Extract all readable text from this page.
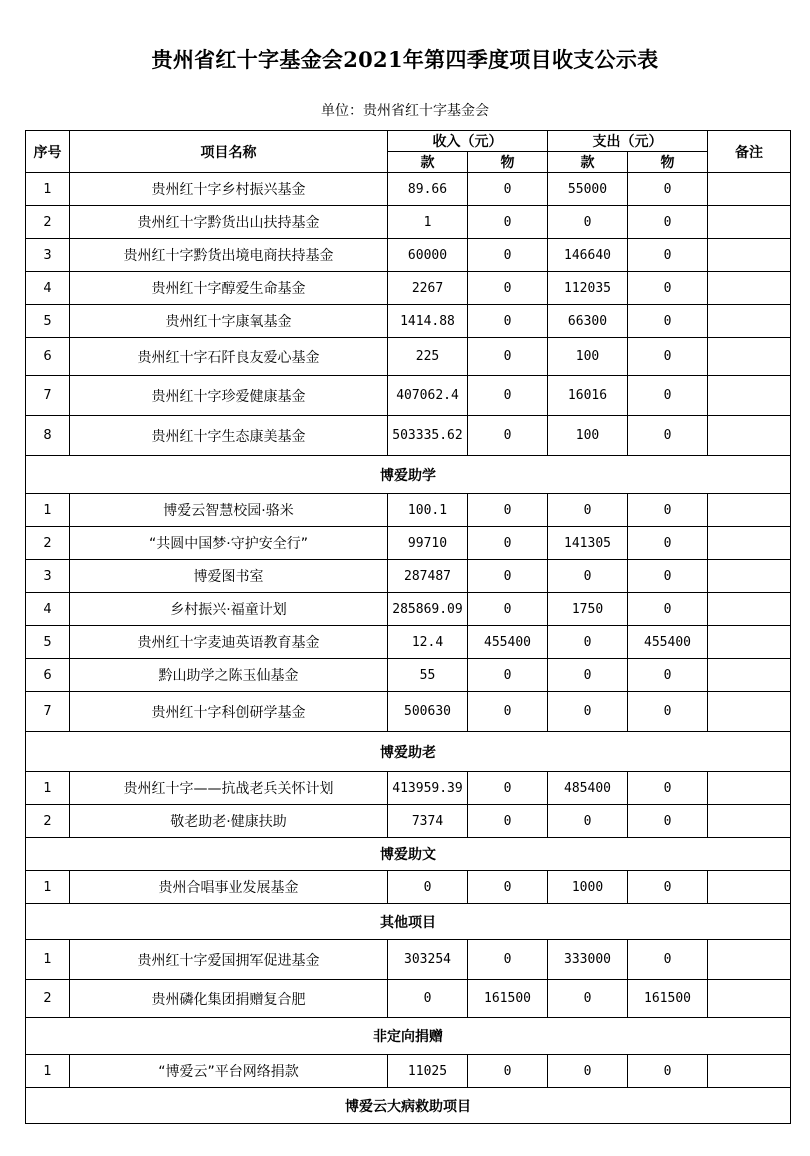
贵州省红十字基金会2021年第四季度项目收支公示表
单位：贵州省红十字基金会
序号	项目名称	收入（元）		支出（元）		备注
		款	物	款	物	
1	贵州红十字乡村振兴基金	89.66	0	55000	0	
2	贵州红十字黔货出山扶持基金	1	0	0	0	
3	贵州红十字黔货出境电商扶持基金	60000	0	146640	0	
4	贵州红十字醇爱生命基金	2267	0	112035	0	
5	贵州红十字康氧基金	1414.88	0	66300	0	
6	贵州红十字石阡良友爱心基金	225	0	100	0	
7	贵州红十字珍爱健康基金	407062.4	0	16016	0	
8	贵州红十字生态康美基金	503335.62	0	100	0	
博爱助学						
1	博爱云智慧校园·骆米	100.1	0	0	0	
2	“共圆中国梦·守护安全行”	99710	0	141305	0	
3	博爱图书室	287487	0	0	0	
4	乡村振兴·福童计划	285869.09	0	1750	0	
5	贵州红十字麦迪英语教育基金	12.4	455400	0	455400	
6	黔山助学之陈玉仙基金	55	0	0	0	
7	贵州红十字科创研学基金	500630	0	0	0	
博爱助老						
1	贵州红十字——抗战老兵关怀计划	413959.39	0	485400	0	
2	敬老助老·健康扶助	7374	0	0	0	
博爱助文						
1	贵州合唱事业发展基金	0	0	1000	0	
其他项目						
1	贵州红十字爱国拥军促进基金	303254	0	333000	0	
2	贵州磷化集团捐赠复合肥	0	161500	0	161500	
非定向捐赠						
1	“博爱云”平台网络捐款	11025	0	0	0	
博爱云大病救助项目						
